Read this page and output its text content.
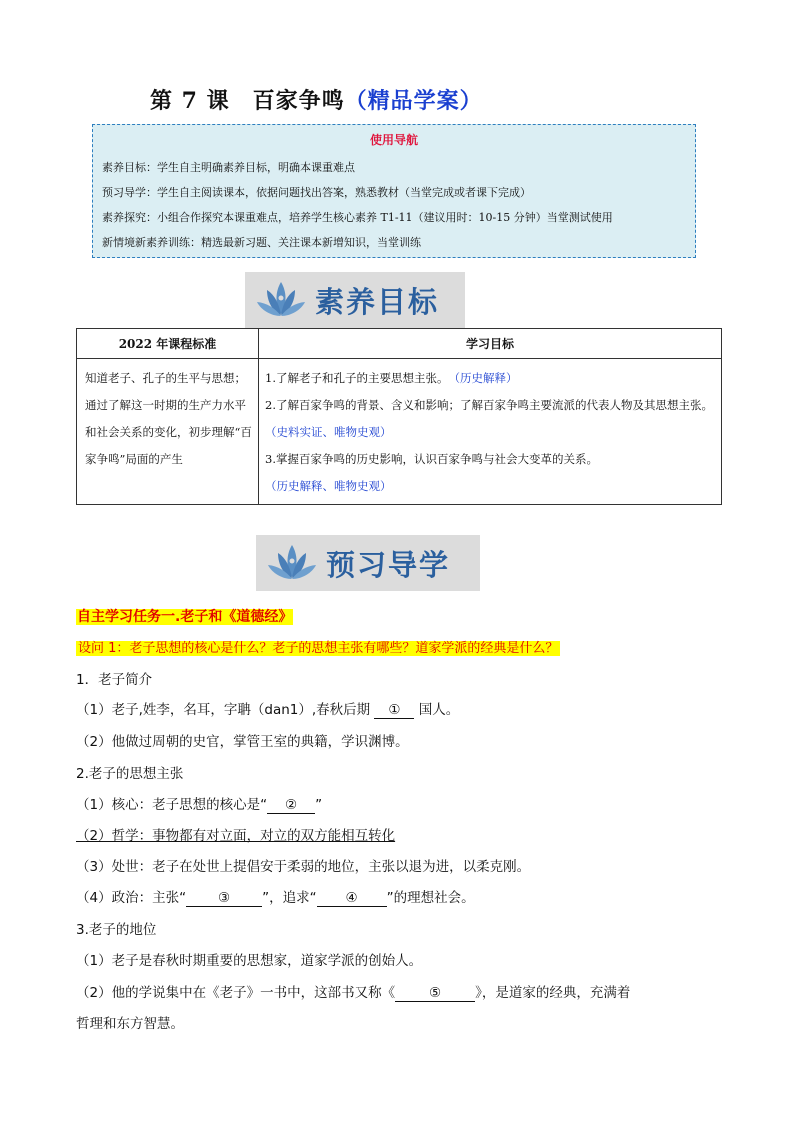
第 7 课　百家争鸣（精品学案）
使用导航
素养目标：学生自主明确素养目标，明确本课重难点
预习导学：学生自主阅读课本，依据问题找出答案，熟悉教材（当堂完成或者课下完成）
素养探究：小组合作探究本课重难点，培养学生核心素养 T1-11（建议用时：10-15 分钟）当堂测试使用
新情境新素养训练：精选最新习题、关注课本新增知识，当堂训练
素养目标
2022 年课程标准	学习目标
知道老子、孔子的生平与思想；通过了解这一时期的生产力水平和社会关系的变化，初步理解“百家争鸣”局面的产生	1.了解老子和孔子的主要思想主张。　（历史解释）
2.了解百家争鸣的背景、含义和影响；了解百家争鸣主要流派的代表人物及其思想主张。（史料实证、唯物史观）
3.掌握百家争鸣的历史影响，认识百家争鸣与社会大变革的关系。（历史解释、唯物史观）
预习导学
自主学习任务一.老子和《道德经》
设问 1：老子思想的核心是什么？老子的思想主张有哪些？道家学派的经典是什么？
1．老子简介
（1）老子,姓李，名耳，字聃（dan1）,春秋后期 ① 国人。
（2）他做过周朝的史官，掌管王室的典籍，学识渊博。
2.老子的思想主张
（1）核心：老子思想的核心是“ ② ”
（2）哲学：事物都有对立面，对立的双方能相互转化
（3）处世：老子在处世上提倡安于柔弱的地位，主张以退为进，以柔克刚。
（4）政治：主张“ ③ ”，追求“ ④ ”的理想社会。
3.老子的地位
（1）老子是春秋时期重要的思想家，道家学派的创始人。
（2）他的学说集中在《老子》一书中，这部书又称《	⑤	》，是道家的经典，充满着
哲理和东方智慧。
